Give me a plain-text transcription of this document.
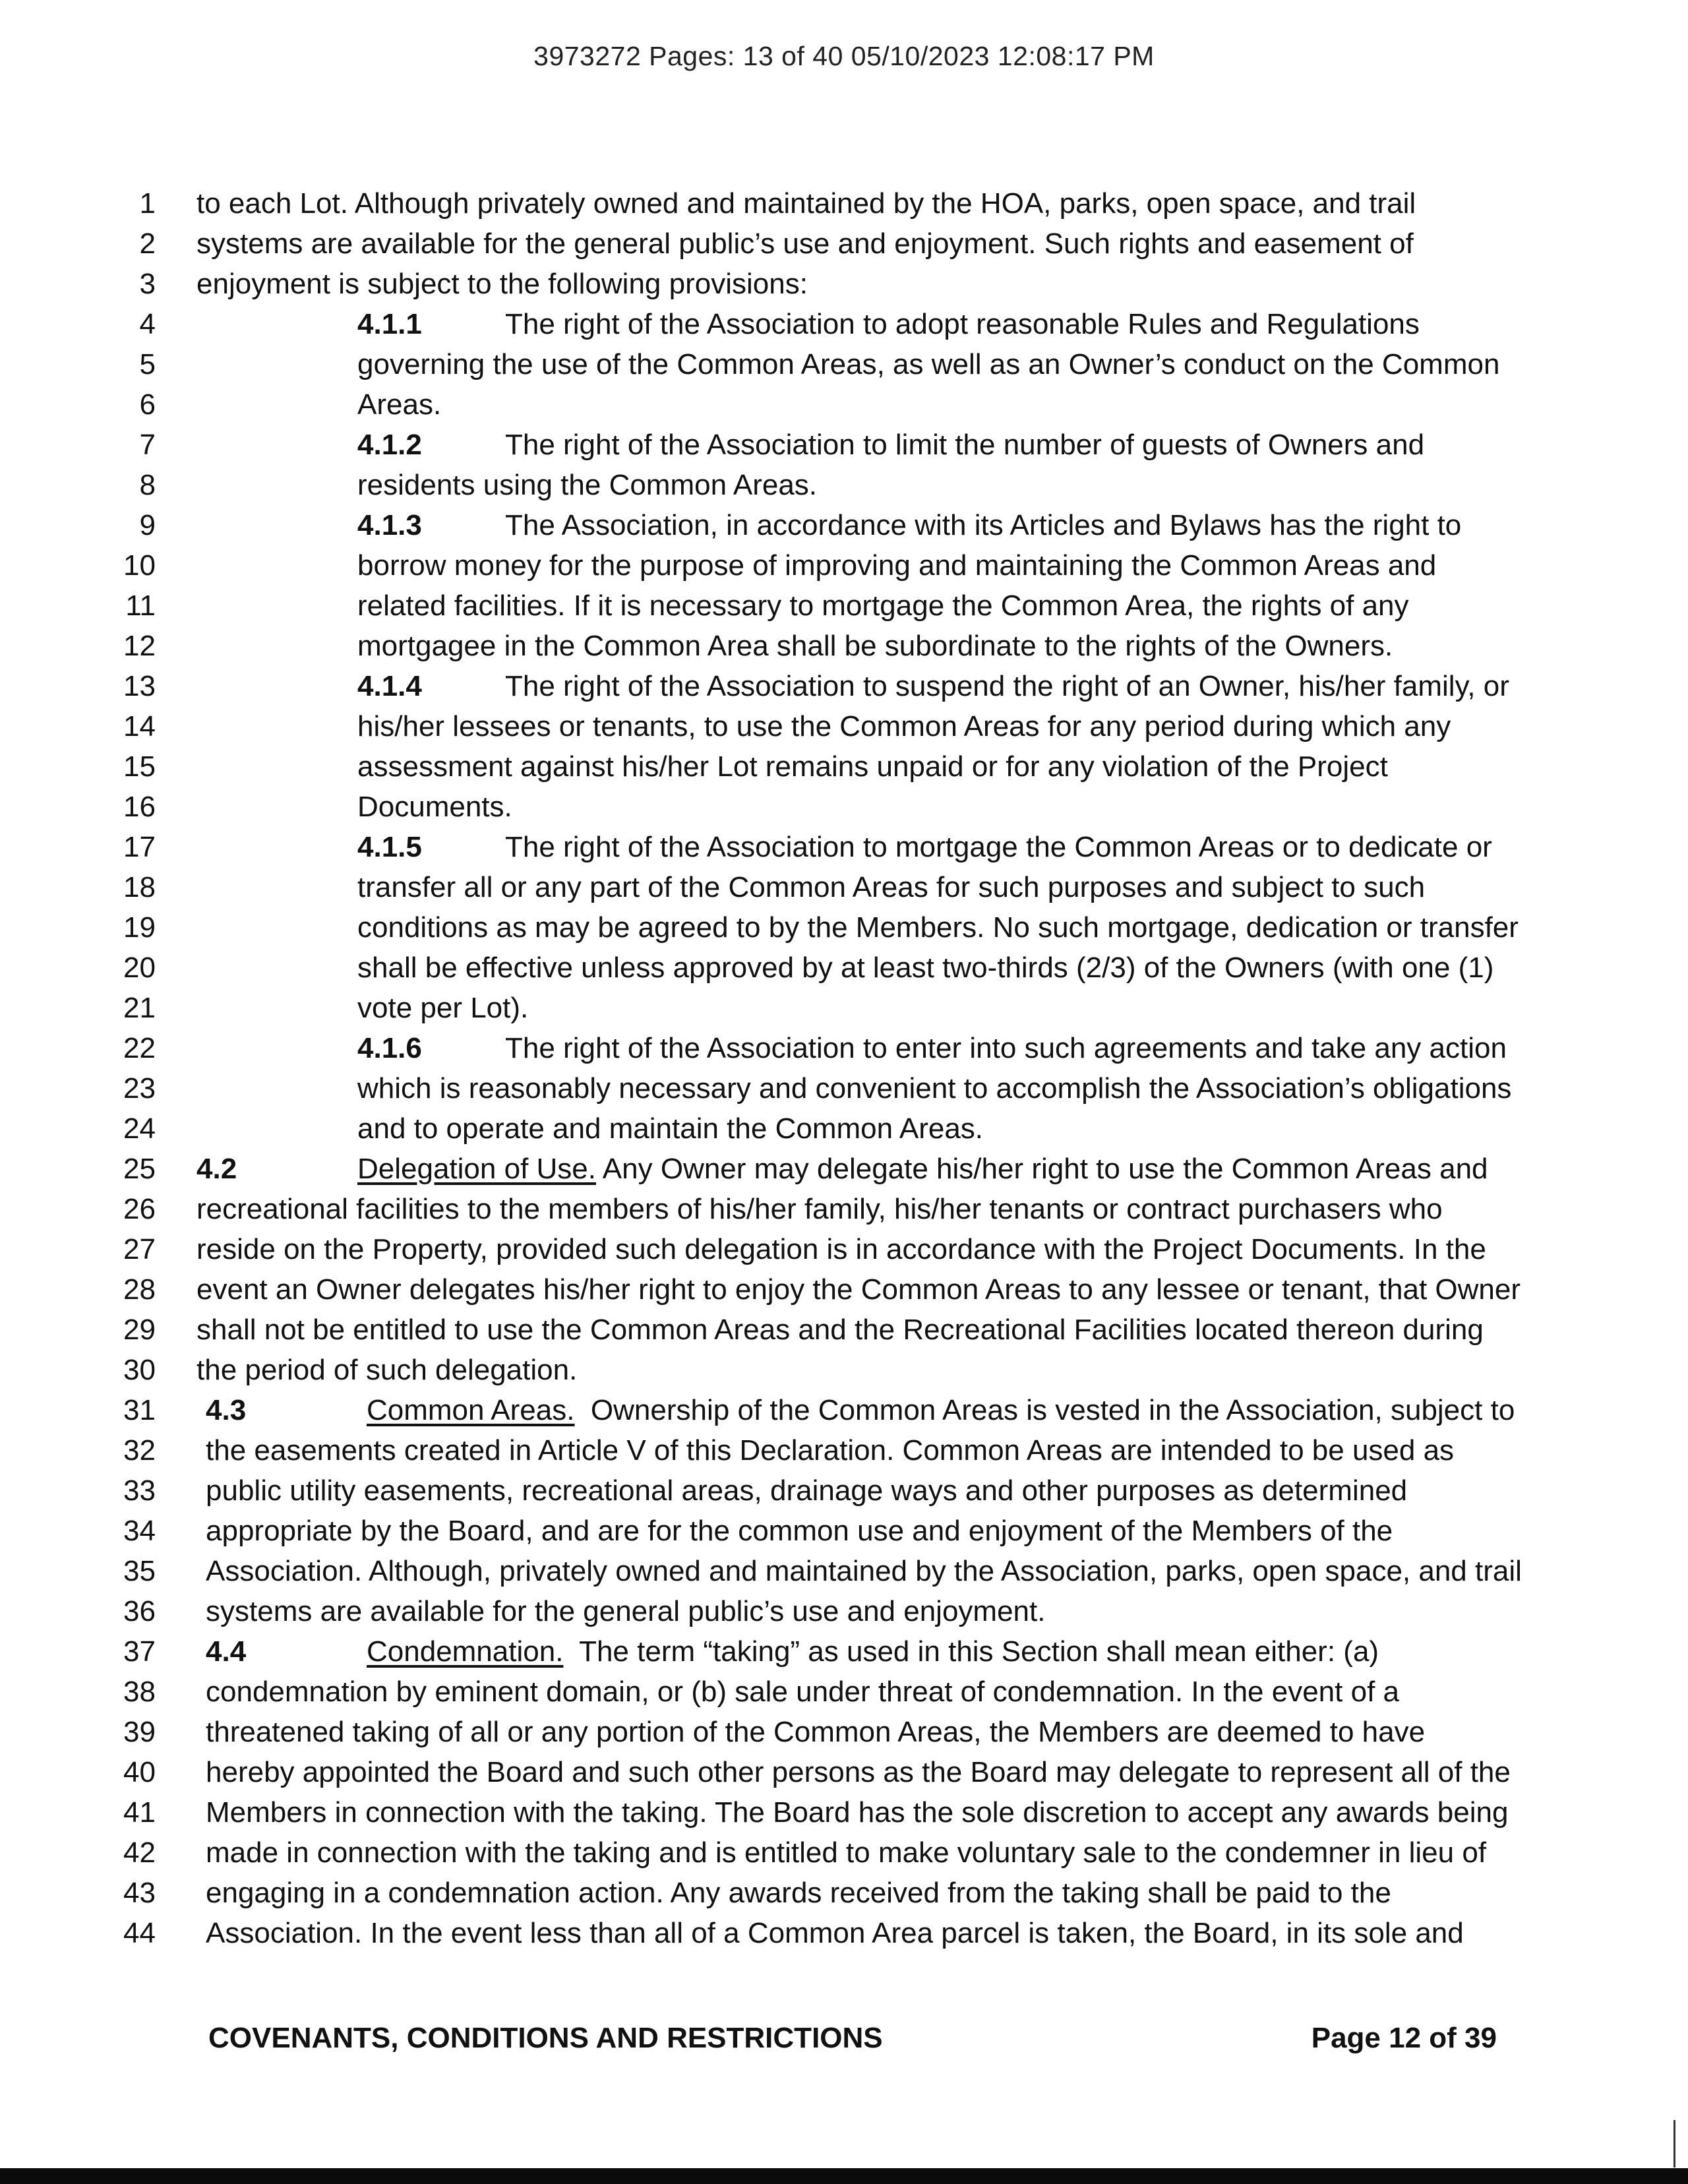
3973272 Pages: 13 of 40 05/10/2023 12:08:17 PM
1 to each Lot. Although privately owned and maintained by the HOA, parks, open space, and trail
2 systems are available for the general public’s use and enjoyment. Such rights and easement of
3 enjoyment is subject to the following provisions:
4	4.1.1	The right of the Association to adopt reasonable Rules and Regulations
5	governing the use of the Common Areas, as well as an Owner’s conduct on the Common
6	Areas.
7	4.1.2	The right of the Association to limit the number of guests of Owners and
8	residents using the Common Areas.
9	4.1.3	The Association, in accordance with its Articles and Bylaws has the right to
10	borrow money for the purpose of improving and maintaining the Common Areas and
11	related facilities. If it is necessary to mortgage the Common Area, the rights of any
12	mortgagee in the Common Area shall be subordinate to the rights of the Owners.
13	4.1.4	The right of the Association to suspend the right of an Owner, his/her family, or
14	his/her lessees or tenants, to use the Common Areas for any period during which any
15	assessment against his/her Lot remains unpaid or for any violation of the Project
16	Documents.
17	4.1.5	The right of the Association to mortgage the Common Areas or to dedicate or
18	transfer all or any part of the Common Areas for such purposes and subject to such
19	conditions as may be agreed to by the Members. No such mortgage, dedication or transfer
20	shall be effective unless approved by at least two-thirds (2/3) of the Owners (with one (1)
21	vote per Lot).
22	4.1.6	The right of the Association to enter into such agreements and take any action
23	which is reasonably necessary and convenient to accomplish the Association’s obligations
24	and to operate and maintain the Common Areas.
25 4.2	Delegation of Use. Any Owner may delegate his/her right to use the Common Areas and
26 recreational facilities to the members of his/her family, his/her tenants or contract purchasers who
27 reside on the Property, provided such delegation is in accordance with the Project Documents. In the
28 event an Owner delegates his/her right to enjoy the Common Areas to any lessee or tenant, that Owner
29 shall not be entitled to use the Common Areas and the Recreational Facilities located thereon during
30 the period of such delegation.
31 4.3	Common Areas.  Ownership of the Common Areas is vested in the Association, subject to
32 the easements created in Article V of this Declaration. Common Areas are intended to be used as
33 public utility easements, recreational areas, drainage ways and other purposes as determined
34 appropriate by the Board, and are for the common use and enjoyment of the Members of the
35 Association. Although, privately owned and maintained by the Association, parks, open space, and trail
36 systems are available for the general public’s use and enjoyment.
37 4.4	Condemnation.  The term “taking” as used in this Section shall mean either: (a)
38 condemnation by eminent domain, or (b) sale under threat of condemnation. In the event of a
39 threatened taking of all or any portion of the Common Areas, the Members are deemed to have
40 hereby appointed the Board and such other persons as the Board may delegate to represent all of the
41 Members in connection with the taking. The Board has the sole discretion to accept any awards being
42 made in connection with the taking and is entitled to make voluntary sale to the condemner in lieu of
43 engaging in a condemnation action. Any awards received from the taking shall be paid to the
44 Association. In the event less than all of a Common Area parcel is taken, the Board, in its sole and
COVENANTS, CONDITIONS AND RESTRICTIONS	Page 12 of 39
